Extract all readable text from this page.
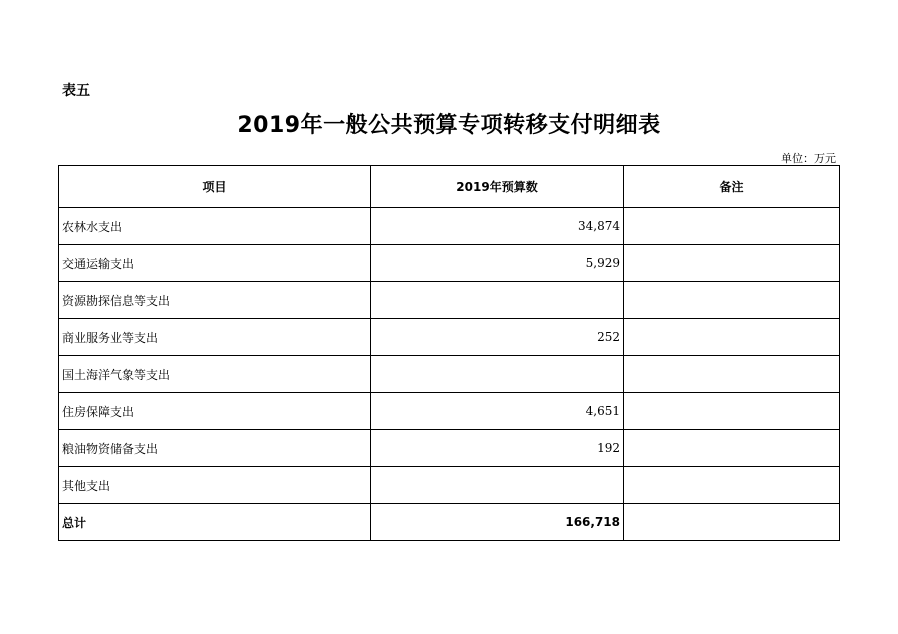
表五
2019年一般公共预算专项转移支付明细表
单位：万元
项目	2019年预算数	备注
农林水支出	34,874	
交通运输支出	5,929	
资源勘探信息等支出		
商业服务业等支出	252	
国土海洋气象等支出		
住房保障支出	4,651	
粮油物资储备支出	192	
其他支出		
总计	166,718	
